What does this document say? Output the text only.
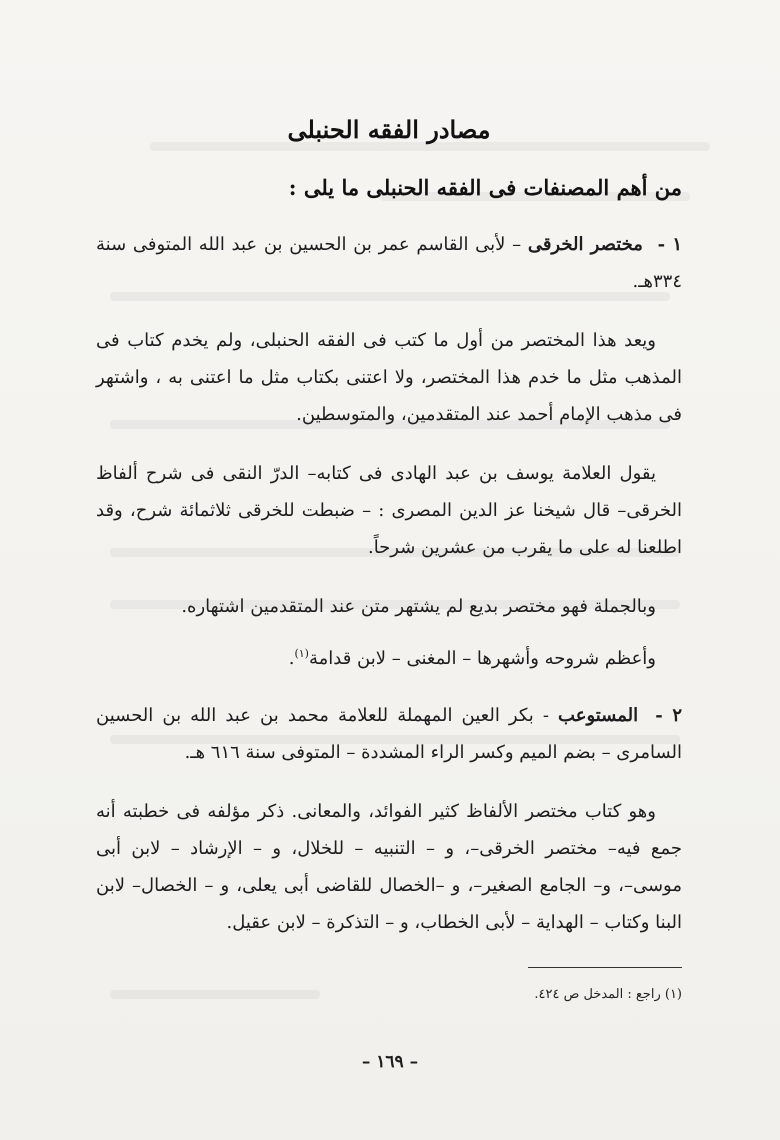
مصادر الفقه الحنبلى
من أهم المصنفات فى الفقه الحنبلى ما يلى :

١ - مختصر الخرقى – لأبى القاسم عمر بن الحسين بن عبد الله المتوفى سنة ٣٣٤هـ.

ويعد هذا المختصر من أول ما كتب فى الفقه الحنبلى، ولم يخدم كتاب فى المذهب مثل ما خدم هذا المختصر، ولا اعتنى بكتاب مثل ما اعتنى به ، واشتهر فى مذهب الإمام أحمد عند المتقدمين، والمتوسطين.

يقول العلامة يوسف بن عبد الهادى فى كتابه– الدرّ النقى فى شرح ألفاظ الخرقى– قال شيخنا عز الدين المصرى : – ضبطت للخرقى ثلاثمائة شرح، وقد اطلعنا له على ما يقرب من عشرين شرحاً.

وبالجملة فهو مختصر بديع لم يشتهر متن عند المتقدمين اشتهاره.

وأعظم شروحه وأشهرها – المغنى – لابن قدامة$^{(١)}$.

٢ - المستوعب - بكر العين المهملة للعلامة محمد بن عبد الله بن الحسين السامرى – بضم الميم وكسر الراء المشددة – المتوفى سنة ٦١٦ هـ.

وهو كتاب مختصر الألفاظ كثير الفوائد، والمعانى. ذكر مؤلفه فى خطبته أنه جمع فيه– مختصر الخرقى–، و – التنبيه – للخلال، و – الإرشاد – لابن أبى موسى–، و– الجامع الصغير–، و –الخصال للقاضى أبى يعلى، و – الخصال– لابن البنا وكتاب – الهداية – لأبى الخطاب، و – التذكرة – لابن عقيل.

(١) راجع : المدخل ص ٤٢٤.

– ١٦٩ –
